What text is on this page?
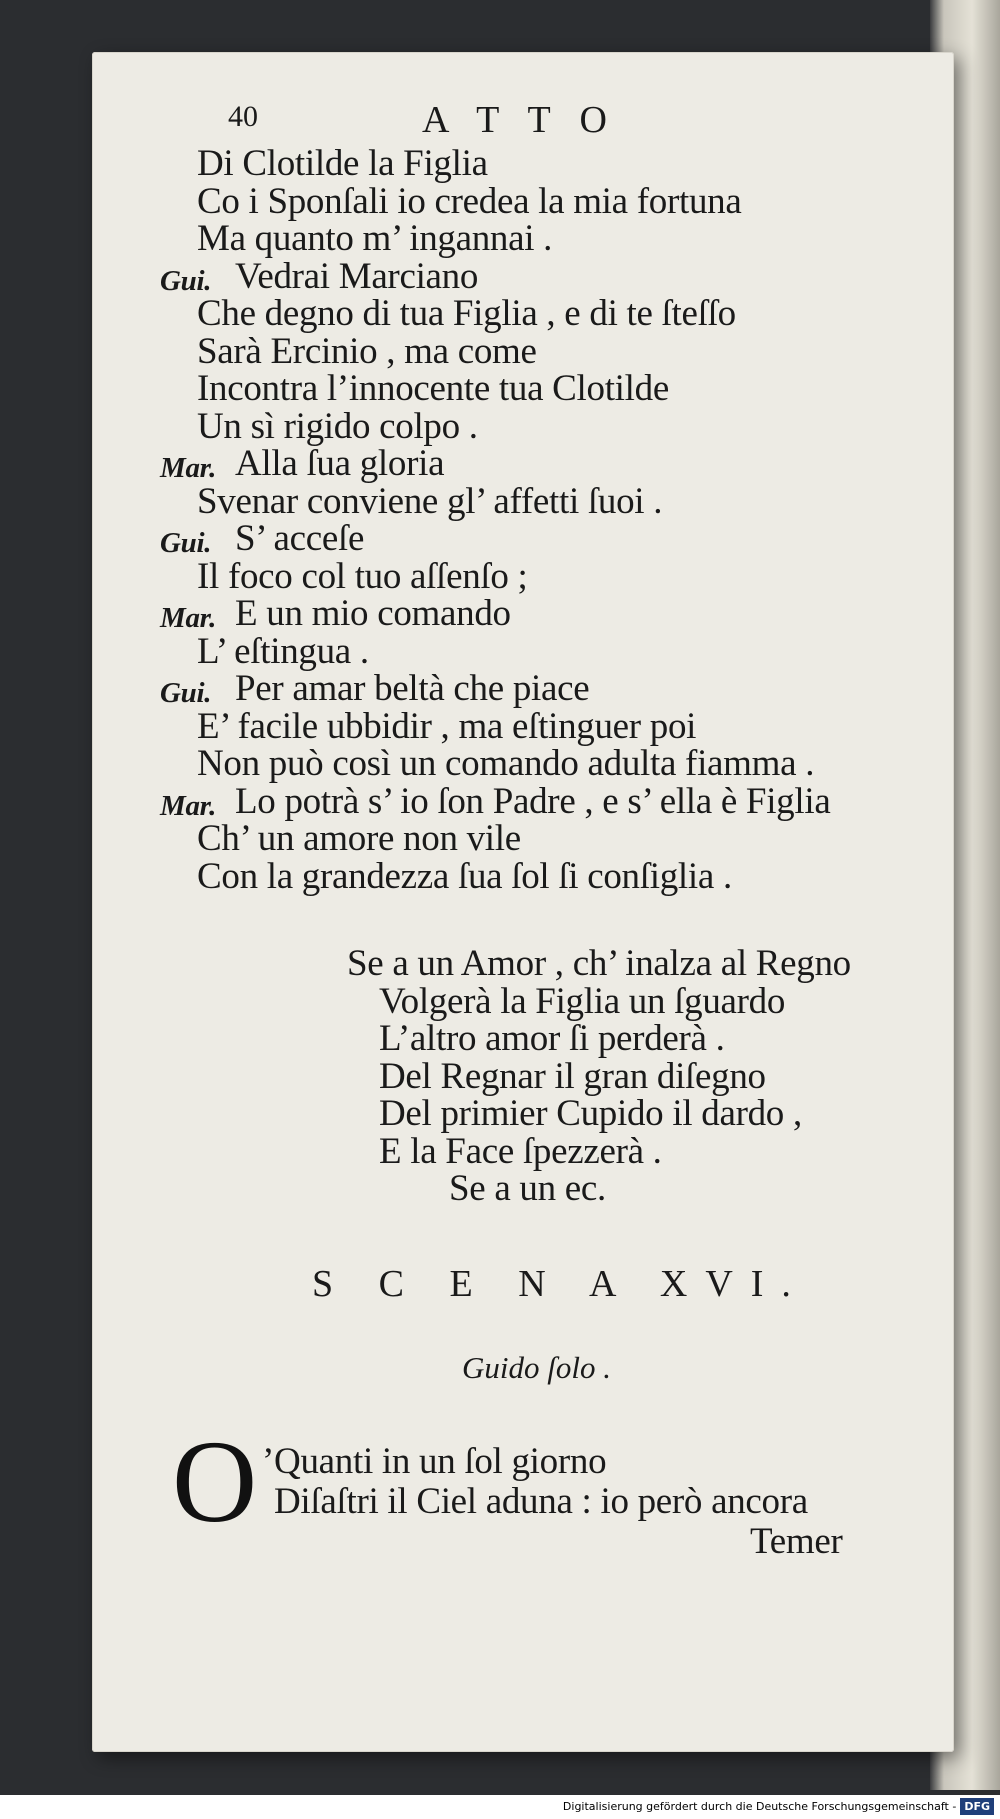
40	A T T O
S C E N A XVI.
Guido ſolo .
O ’Quanti in un ſol giorno
Diſaſtri il Ciel aduna : io però ancora
Temer
Di Clotilde la Figlia
Co i Sponſali io credea la mia fortuna
Ma quanto m’ ingannai .
Gui. Vedrai Marciano
Che degno di tua Figlia , e di te ſteſſo
Sarà Ercinio , ma come
Incontra l’innocente tua Clotilde
Un sì rigido colpo .
Mar. Alla ſua gloria
Svenar conviene gl’ affetti ſuoi .
Gui. S’ acceſe
Il foco col tuo aſſenſo ;
Mar. E un mio comando
L’ eſtingua .
Gui. Per amar beltà che piace
E’ facile ubbidir , ma eſtinguer poi
Non può così un comando adulta fiamma .
Mar. Lo potrà s’ io ſon Padre , e s’ ella è Figlia
Ch’ un amore non vile
Con la grandezza ſua ſol ſi conſiglia .
Se a un Amor , ch’ inalza al Regno
Volgerà la Figlia un ſguardo
L’altro amor ſi perderà .
Del Regnar il gran diſegno
Del primier Cupido il dardo ,
E la Face ſpezzerà .
Se a un ec.
Digitalisierung gefördert durch die Deutsche Forschungsgemeinschaft - DFG
